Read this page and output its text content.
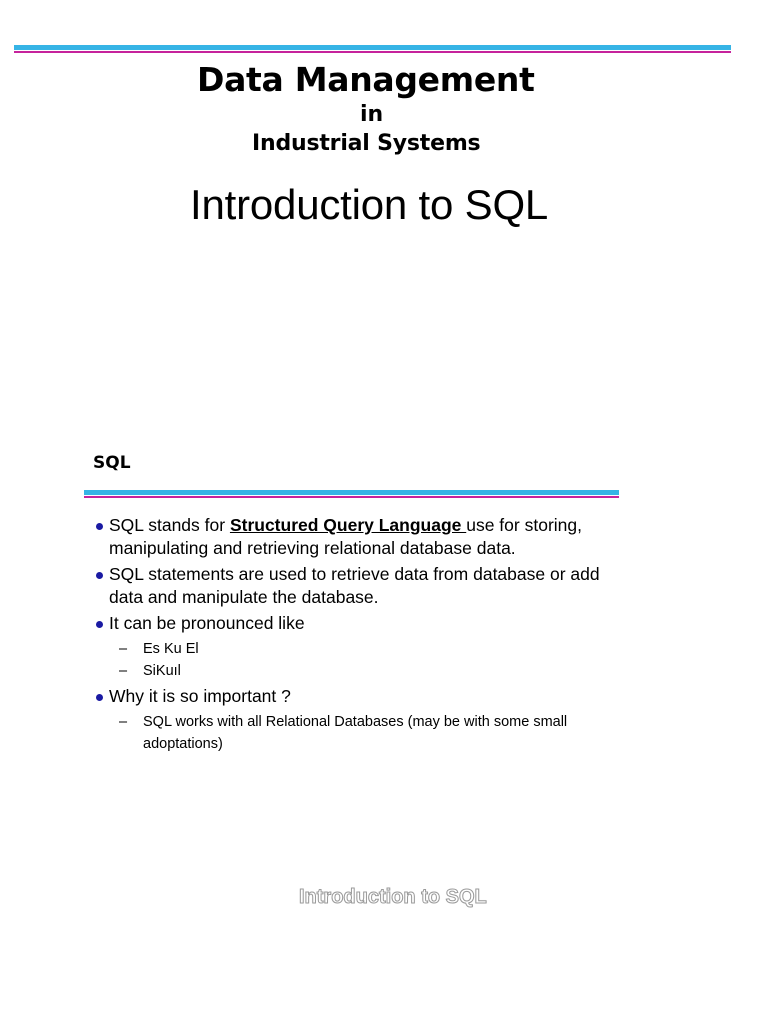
Data Management
in
Industrial Systems
Introduction to SQL
SQL
SQL stands for Structured Query Language use for storing, manipulating and retrieving relational database data.
SQL statements are used to retrieve data from database or add data and manipulate the database.
It can be pronounced like
– Es Ku El
– SiKuıl
Why it is so important ?
– SQL works with all Relational Databases (may be with some small adoptations)
Introduction to SQL
